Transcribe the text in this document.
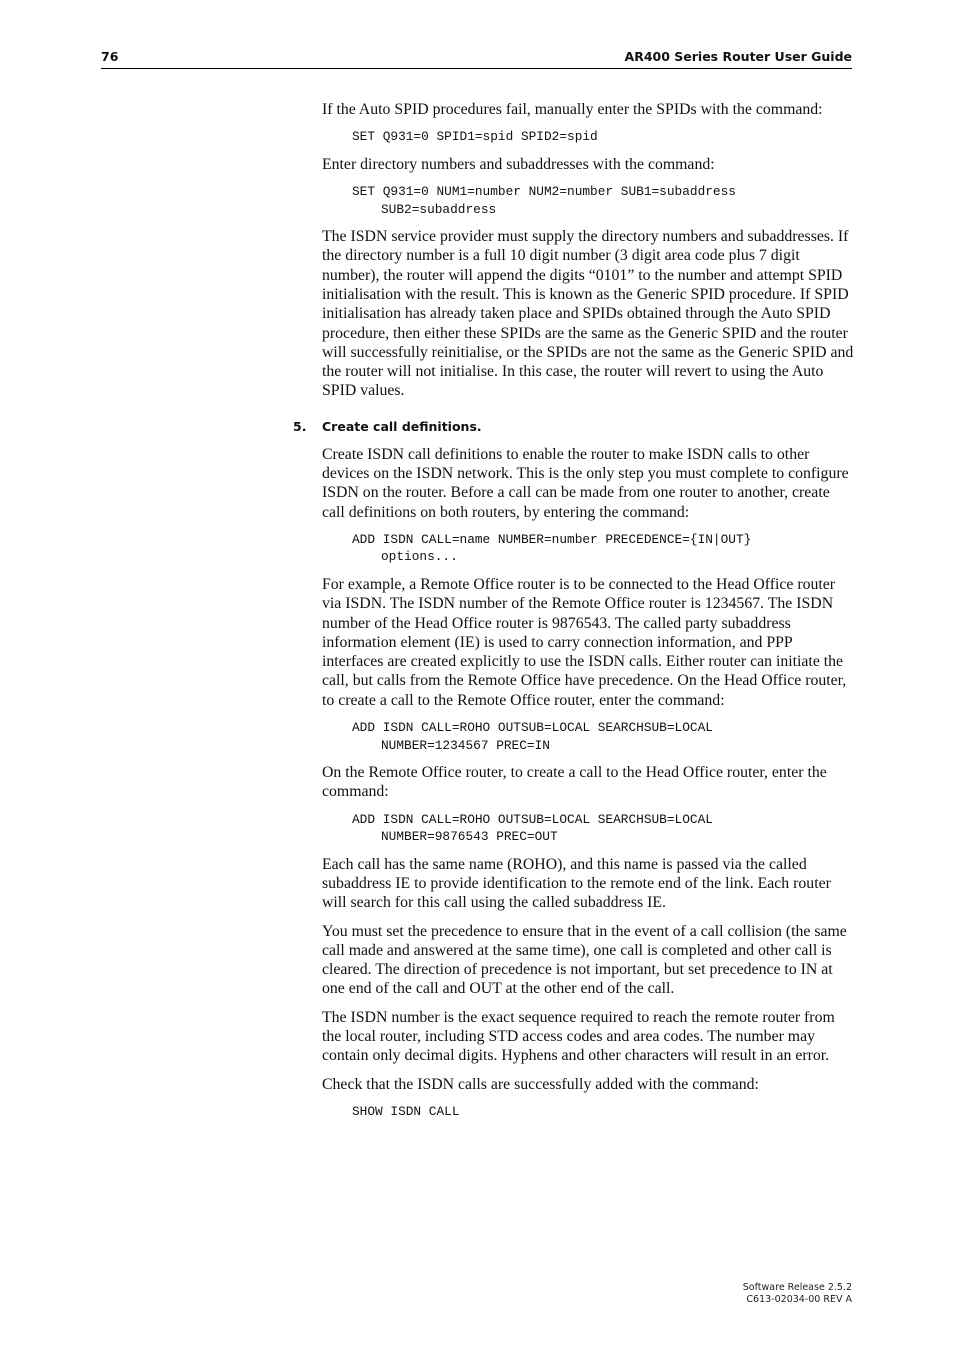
76	AR400 Series Router User Guide

If the Auto SPID procedures fail, manually enter the SPIDs with the command:

SET Q931=0 SPID1=spid SPID2=spid

Enter directory numbers and subaddresses with the command:

SET Q931=0 NUM1=number NUM2=number SUB1=subaddress
SUB2=subaddress

The ISDN service provider must supply the directory numbers and subaddresses. If the directory number is a full 10 digit number (3 digit area code plus 7 digit number), the router will append the digits “0101” to the number and attempt SPID initialisation with the result. This is known as the Generic SPID procedure. If SPID initialisation has already taken place and SPIDs obtained through the Auto SPID procedure, then either these SPIDs are the same as the Generic SPID and the router will successfully reinitialise, or the SPIDs are not the same as the Generic SPID and the router will not initialise. In this case, the router will revert to using the Auto SPID values.

5. Create call definitions.

Create ISDN call definitions to enable the router to make ISDN calls to other devices on the ISDN network. This is the only step you must complete to configure ISDN on the router. Before a call can be made from one router to another, create call definitions on both routers, by entering the command:

ADD ISDN CALL=name NUMBER=number PRECEDENCE={IN|OUT}
options...

For example, a Remote Office router is to be connected to the Head Office router via ISDN. The ISDN number of the Remote Office router is 1234567. The ISDN number of the Head Office router is 9876543. The called party subaddress information element (IE) is used to carry connection information, and PPP interfaces are created explicitly to use the ISDN calls. Either router can initiate the call, but calls from the Remote Office have precedence. On the Head Office router, to create a call to the Remote Office router, enter the command:

ADD ISDN CALL=ROHO OUTSUB=LOCAL SEARCHSUB=LOCAL
NUMBER=1234567 PREC=IN

On the Remote Office router, to create a call to the Head Office router, enter the command:

ADD ISDN CALL=ROHO OUTSUB=LOCAL SEARCHSUB=LOCAL
NUMBER=9876543 PREC=OUT

Each call has the same name (ROHO), and this name is passed via the called subaddress IE to provide identification to the remote end of the link. Each router will search for this call using the called subaddress IE.

You must set the precedence to ensure that in the event of a call collision (the same call made and answered at the same time), one call is completed and other call is cleared. The direction of precedence is not important, but set precedence to IN at one end of the call and OUT at the other end of the call.

The ISDN number is the exact sequence required to reach the remote router from the local router, including STD access codes and area codes. The number may contain only decimal digits. Hyphens and other characters will result in an error.

Check that the ISDN calls are successfully added with the command:

SHOW ISDN CALL
Software Release 2.5.2
C613-02034-00 REV A
